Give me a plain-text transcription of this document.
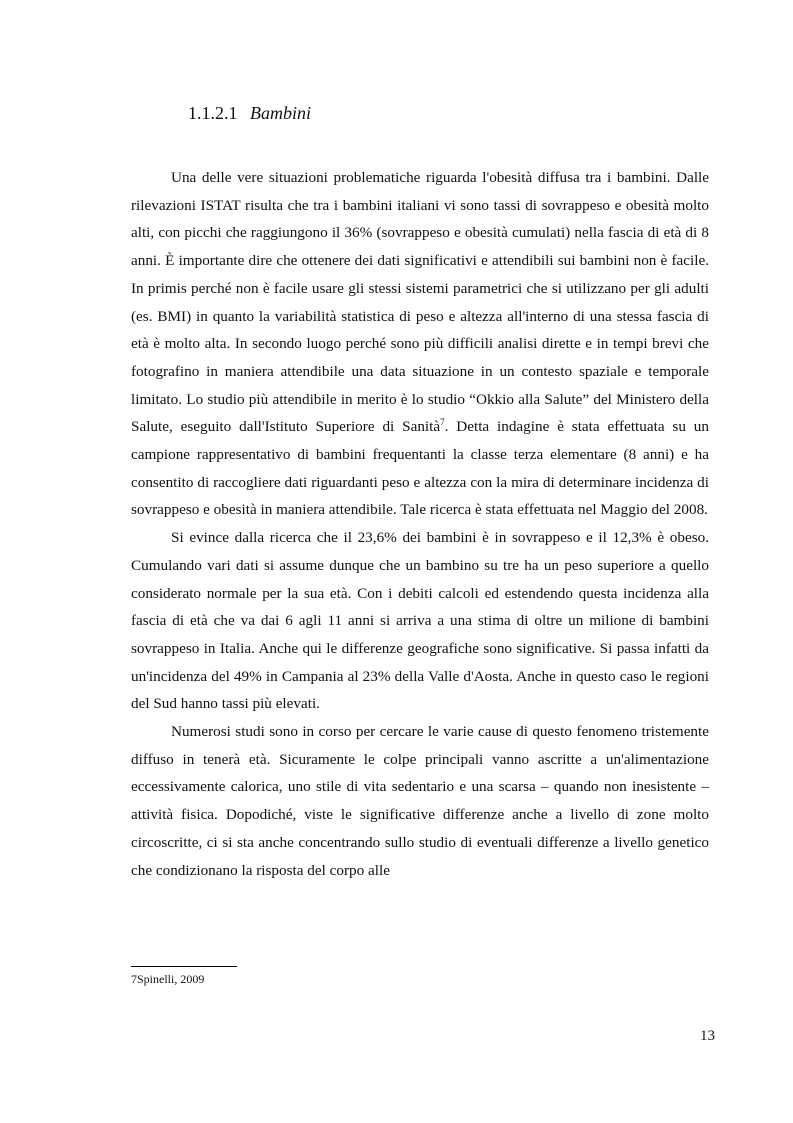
1.1.2.1 Bambini

Una delle vere situazioni problematiche riguarda l'obesità diffusa tra i bambini. Dalle rilevazioni ISTAT risulta che tra i bambini italiani vi sono tassi di sovrappeso e obesità molto alti, con picchi che raggiungono il 36% (sovrappeso e obesità cumulati) nella fascia di età di 8 anni. È importante dire che ottenere dei dati significativi e attendibili sui bambini non è facile. In primis perché non è facile usare gli stessi sistemi parametrici che si utilizzano per gli adulti (es. BMI) in quanto la variabilità statistica di peso e altezza all'interno di una stessa fascia di età è molto alta. In secondo luogo perché sono più difficili analisi dirette e in tempi brevi che fotografino in maniera attendibile una data situazione in un contesto spaziale e temporale limitato. Lo studio più attendibile in merito è lo studio “Okkio alla Salute” del Ministero della Salute, eseguito dall'Istituto Superiore di Sanità$^7$. Detta indagine è stata effettuata su un campione rappresentativo di bambini frequentanti la classe terza elementare (8 anni) e ha consentito di raccogliere dati riguardanti peso e altezza con la mira di determinare incidenza di sovrappeso e obesità in maniera attendibile. Tale ricerca è stata effettuata nel Maggio del 2008.

Si evince dalla ricerca che il 23,6% dei bambini è in sovrappeso e il 12,3% è obeso. Cumulando vari dati si assume dunque che un bambino su tre ha un peso superiore a quello considerato normale per la sua età. Con i debiti calcoli ed estendendo questa incidenza alla fascia di età che va dai 6 agli 11 anni si arriva a una stima di oltre un milione di bambini sovrappeso in Italia. Anche qui le differenze geografiche sono significative. Si passa infatti da un'incidenza del 49% in Campania al 23% della Valle d'Aosta. Anche in questo caso le regioni del Sud hanno tassi più elevati.

Numerosi studi sono in corso per cercare le varie cause di questo fenomeno tristemente diffuso in tenerà età. Sicuramente le colpe principali vanno ascritte a un'alimentazione eccessivamente calorica, uno stile di vita sedentario e una scarsa – quando non inesistente – attività fisica. Dopodiché, viste le significative differenze anche a livello di zone molto circoscritte, ci si sta anche concentrando sullo studio di eventuali differenze a livello genetico che condizionano la risposta del corpo alle

7Spinelli, 2009
13
